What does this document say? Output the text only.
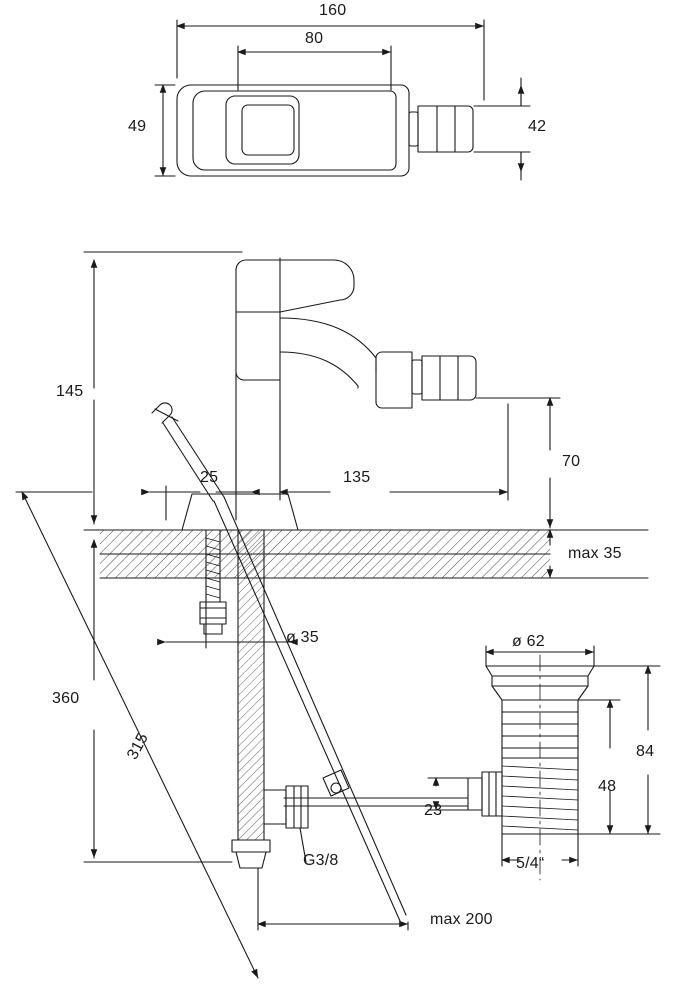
160
80
49	42
145
25	135
70
max 35
ø 35
360
315
G3/8
max 200
ø 62
84
48
23
5/4“
